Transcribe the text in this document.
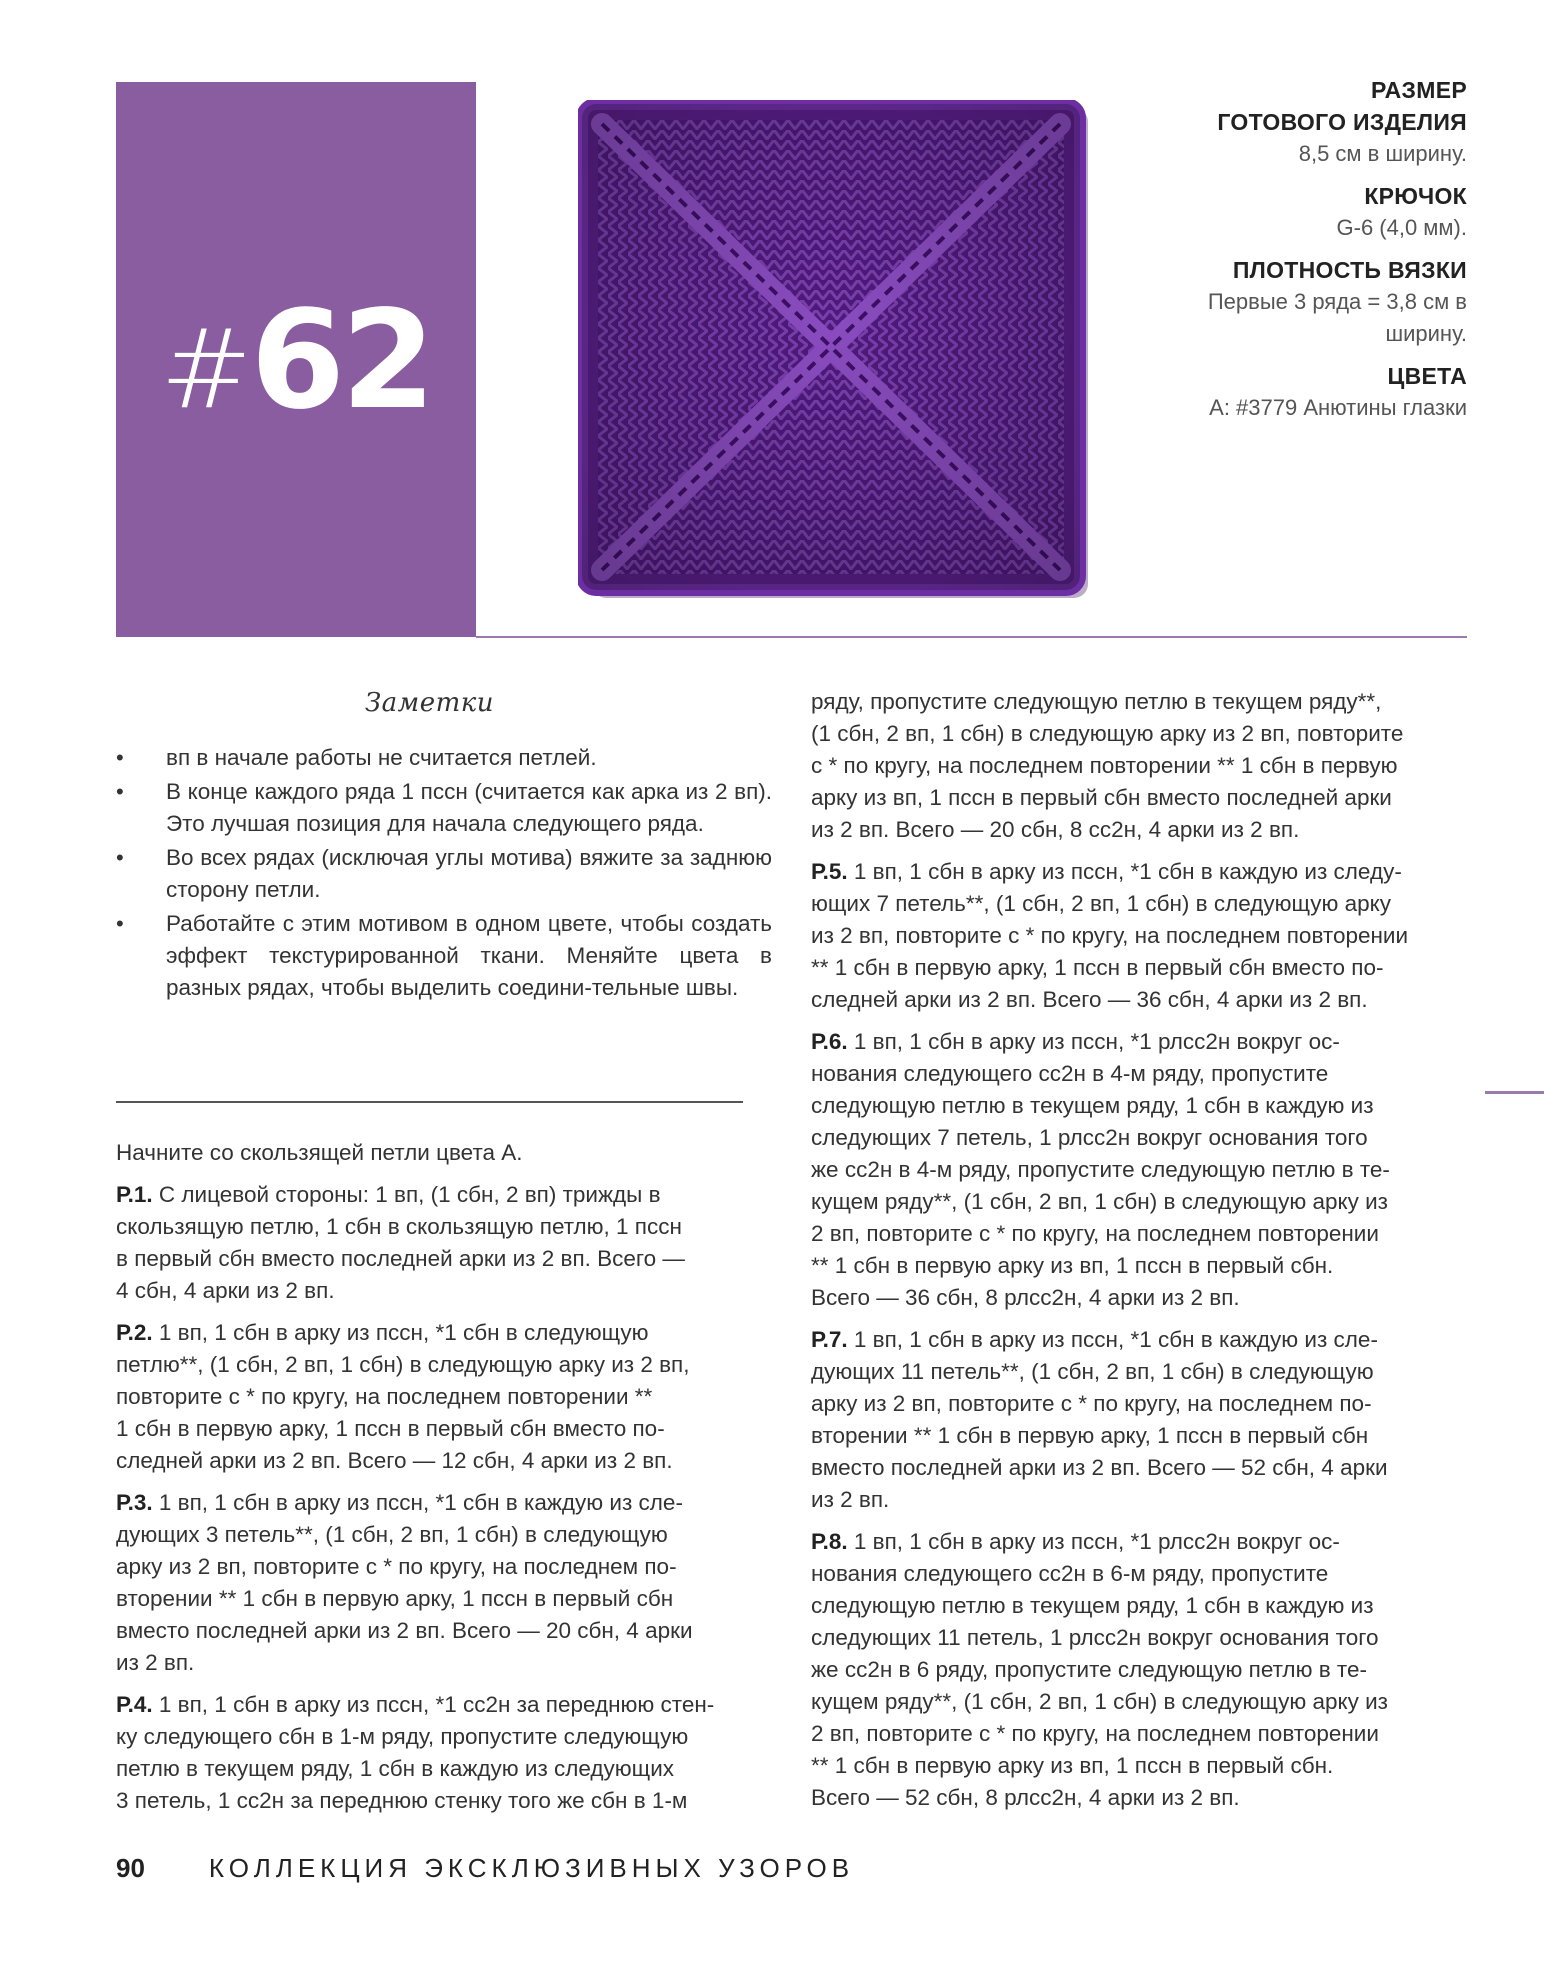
#62
РАЗМЕР
ГОТОВОГО ИЗДЕЛИЯ
8,5 см в ширину.
КРЮЧОК
G-6 (4,0 мм).
ПЛОТНОСТЬ ВЯЗКИ
Первые 3 ряда = 3,8 см в
ширину.
ЦВЕТА
А: #3779 Анютины глазки
Заметки
•	вп в начале работы не считается петлей.
•	В конце каждого ряда 1 пссн (считается как арка из 2 вп). Это лучшая позиция для начала следующего ряда.
•	Во всех рядах (исключая углы мотива) вяжите за заднюю сторону петли.
•	Работайте с этим мотивом в одном цвете, чтобы создать эффект текстурированной ткани. Меняйте цвета в разных рядах, чтобы выделить соедини-тельные швы.

Начните со скользящей петли цвета А.

Р.1. С лицевой стороны: 1 вп, (1 сбн, 2 вп) трижды в
скользящую петлю, 1 сбн в скользящую петлю, 1 пссн
в первый сбн вместо последней арки из 2 вп. Всего —
4 сбн, 4 арки из 2 вп.

Р.2. 1 вп, 1 сбн в арку из пссн, *1 сбн в следующую
петлю**, (1 сбн, 2 вп, 1 сбн) в следующую арку из 2 вп,
повторите с * по кругу, на последнем повторении **
1 сбн в первую арку, 1 пссн в первый сбн вместо по-
следней арки из 2 вп. Всего — 12 сбн, 4 арки из 2 вп.

Р.3. 1 вп, 1 сбн в арку из пссн, *1 сбн в каждую из сле-
дующих 3 петель**, (1 сбн, 2 вп, 1 сбн) в следующую
арку из 2 вп, повторите с * по кругу, на последнем по-
вторении ** 1 сбн в первую арку, 1 пссн в первый сбн
вместо последней арки из 2 вп. Всего — 20 сбн, 4 арки
из 2 вп.

Р.4. 1 вп, 1 сбн в арку из пссн, *1 сс2н за переднюю стен-
ку следующего сбн в 1-м ряду, пропустите следующую
петлю в текущем ряду, 1 сбн в каждую из следующих
3 петель, 1 сс2н за переднюю стенку того же сбн в 1-м

ряду, пропустите следующую петлю в текущем ряду**,
(1 сбн, 2 вп, 1 сбн) в следующую арку из 2 вп, повторите
с * по кругу, на последнем повторении ** 1 сбн в первую
арку из вп, 1 пссн в первый сбн вместо последней арки
из 2 вп. Всего — 20 сбн, 8 сс2н, 4 арки из 2 вп.

Р.5. 1 вп, 1 сбн в арку из пссн, *1 сбн в каждую из следу-
ющих 7 петель**, (1 сбн, 2 вп, 1 сбн) в следующую арку
из 2 вп, повторите с * по кругу, на последнем повторении
** 1 сбн в первую арку, 1 пссн в первый сбн вместо по-
следней арки из 2 вп. Всего — 36 сбн, 4 арки из 2 вп.

Р.6. 1 вп, 1 сбн в арку из пссн, *1 рлсс2н вокруг ос-
нования следующего сс2н в 4-м ряду, пропустите
следующую петлю в текущем ряду, 1 сбн в каждую из
следующих 7 петель, 1 рлсс2н вокруг основания того
же сс2н в 4-м ряду, пропустите следующую петлю в те-
кущем ряду**, (1 сбн, 2 вп, 1 сбн) в следующую арку из
2 вп, повторите с * по кругу, на последнем повторении
** 1 сбн в первую арку из вп, 1 пссн в первый сбн.
Всего — 36 сбн, 8 рлсс2н, 4 арки из 2 вп.

Р.7. 1 вп, 1 сбн в арку из пссн, *1 сбн в каждую из сле-
дующих 11 петель**, (1 сбн, 2 вп, 1 сбн) в следующую
арку из 2 вп, повторите с * по кругу, на последнем по-
вторении ** 1 сбн в первую арку, 1 пссн в первый сбн
вместо последней арки из 2 вп. Всего — 52 сбн, 4 арки
из 2 вп.

Р.8. 1 вп, 1 сбн в арку из пссн, *1 рлсс2н вокруг ос-
нования следующего сс2н в 6-м ряду, пропустите
следующую петлю в текущем ряду, 1 сбн в каждую из
следующих 11 петель, 1 рлсс2н вокруг основания того
же сс2н в 6 ряду, пропустите следующую петлю в те-
кущем ряду**, (1 сбн, 2 вп, 1 сбн) в следующую арку из
2 вп, повторите с * по кругу, на последнем повторении
** 1 сбн в первую арку из вп, 1 пссн в первый сбн.
Всего — 52 сбн, 8 рлсс2н, 4 арки из 2 вп.

90 КОЛЛЕКЦИЯ ЭКСКЛЮЗИВНЫХ УЗОРОВ
